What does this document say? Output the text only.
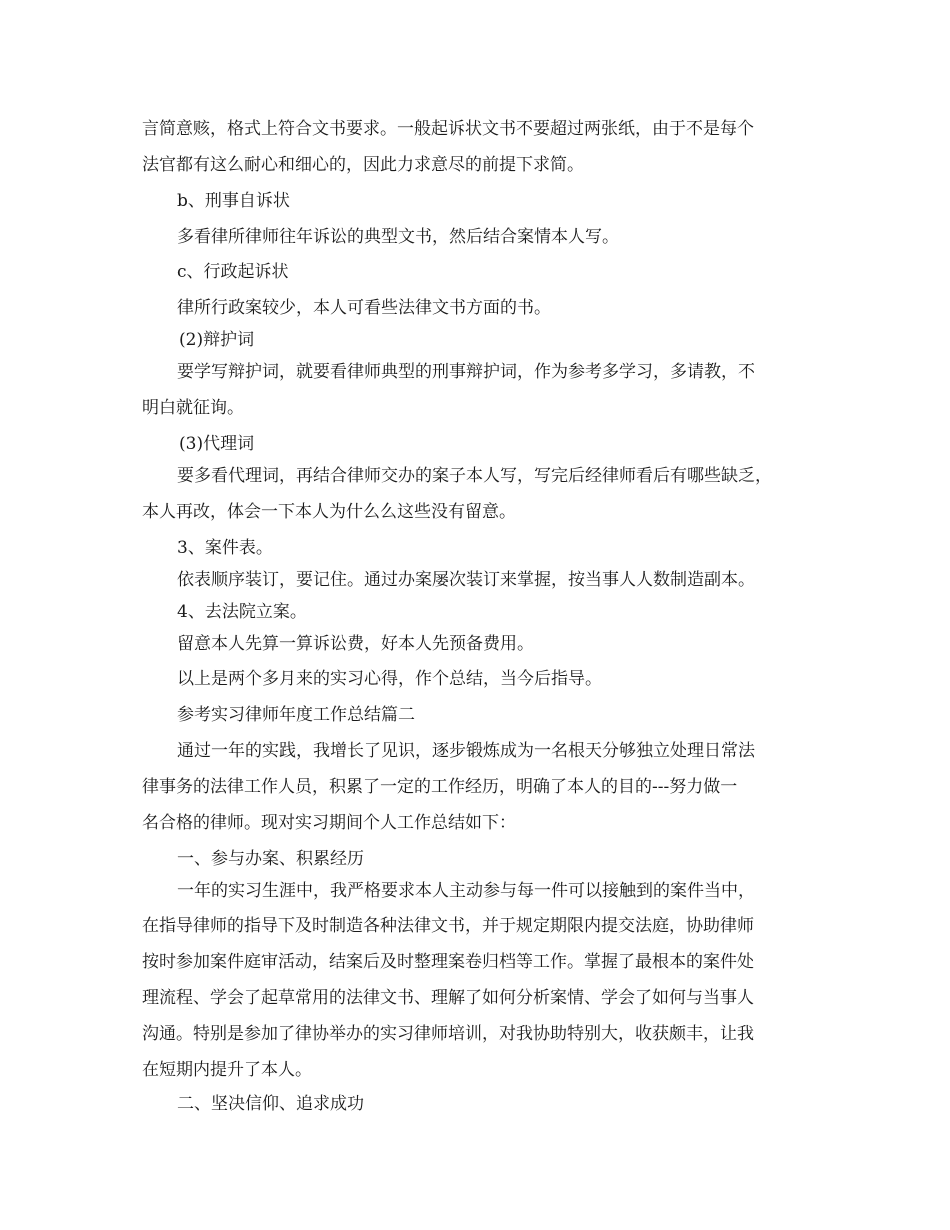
言简意赅，格式上符合文书要求。一般起诉状文书不要超过两张纸，由于不是每个
法官都有这么耐心和细心的，因此力求意尽的前提下求简。
b、刑事自诉状
多看律所律师往年诉讼的典型文书，然后结合案情本人写。
c、行政起诉状
律所行政案较少，本人可看些法律文书方面的书。
(2)辩护词
要学写辩护词，就要看律师典型的刑事辩护词，作为参考多学习，多请教，不
明白就征询。
(3)代理词
要多看代理词，再结合律师交办的案子本人写，写完后经律师看后有哪些缺乏，
本人再改，体会一下本人为什么么这些没有留意。
3、案件表。
依表顺序装订，要记住。通过办案屡次装订来掌握，按当事人人数制造副本。
4、去法院立案。
留意本人先算一算诉讼费，好本人先预备费用。
以上是两个多月来的实习心得，作个总结，当今后指导。
参考实习律师年度工作总结篇二
通过一年的实践，我增长了见识，逐步锻炼成为一名根天分够独立处理日常法
律事务的法律工作人员，积累了一定的工作经历，明确了本人的目的---努力做一
名合格的律师。现对实习期间个人工作总结如下：
一、参与办案、积累经历
一年的实习生涯中，我严格要求本人主动参与每一件可以接触到的案件当中，
在指导律师的指导下及时制造各种法律文书，并于规定期限内提交法庭，协助律师
按时参加案件庭审活动，结案后及时整理案卷归档等工作。掌握了最根本的案件处
理流程、学会了起草常用的法律文书、理解了如何分析案情、学会了如何与当事人
沟通。特别是参加了律协举办的实习律师培训，对我协助特别大，收获颇丰，让我
在短期内提升了本人。
二、坚决信仰、追求成功
